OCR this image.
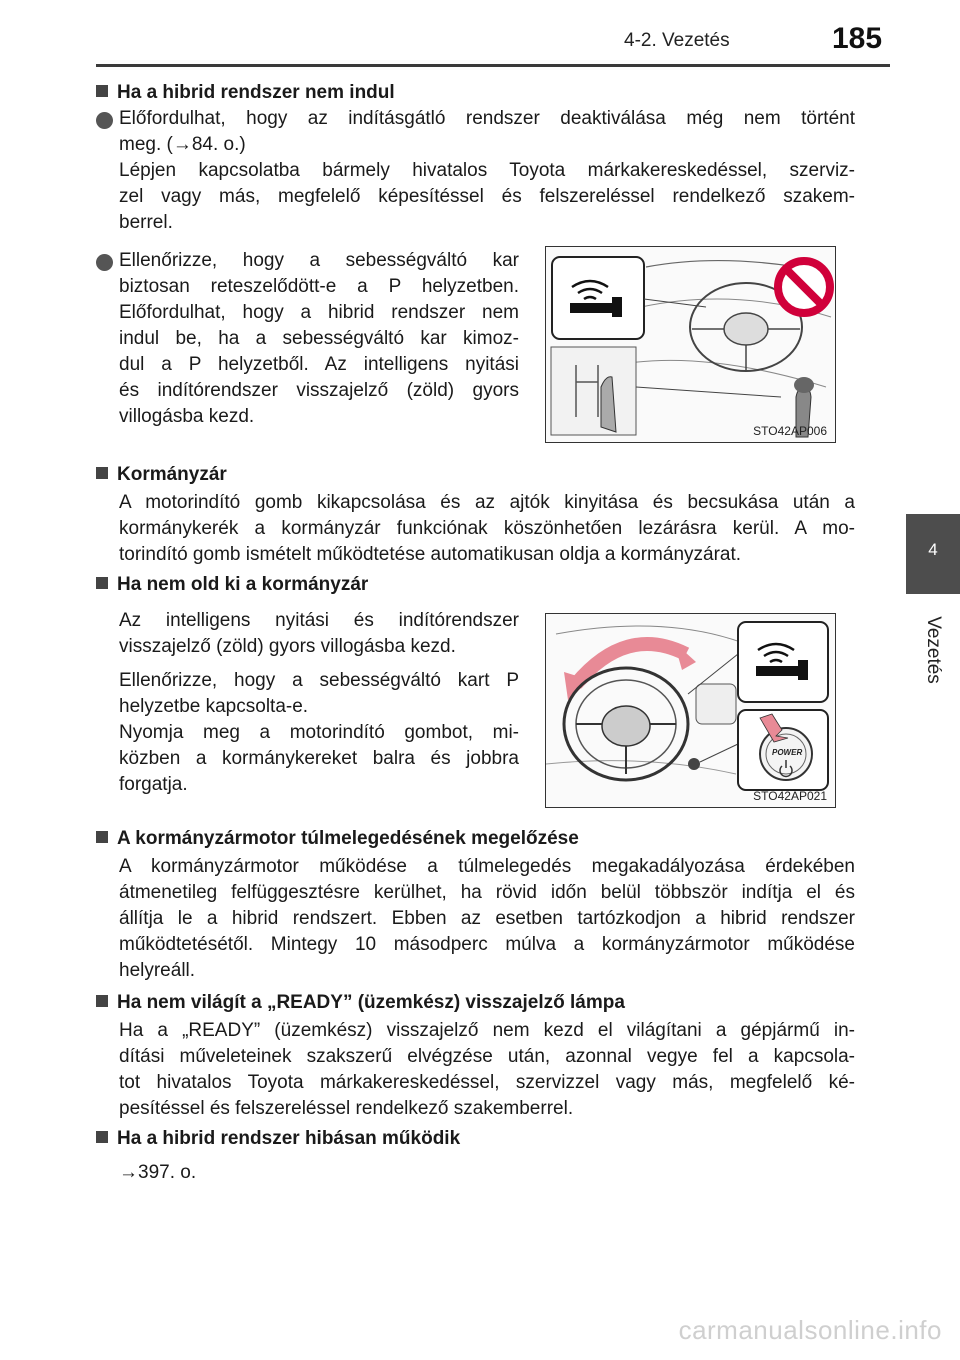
4-2. Vezetés	185
4
Vezetés
Ha a hibrid rendszer nem indul
Előfordulhat, hogy az indításgátló rendszer deaktiválása még nem történt
meg. (→84. o.)
Lépjen kapcsolatba bármely hivatalos Toyota márkakereskedéssel, szerviz-
zel vagy más, megfelelő képesítéssel és felszereléssel rendelkező szakem-
berrel.
Ellenőrizze, hogy a sebességváltó kar
biztosan reteszelődött-e a P helyzetben.
Előfordulhat, hogy a hibrid rendszer nem
indul be, ha a sebességváltó kar kimoz-
dul a P helyzetből. Az intelligens nyitási
és indítórendszer visszajelző (zöld) gyors
villogásba kezd.
STO42AP006
Kormányzár
A motorindító gomb kikapcsolása és az ajtók kinyitása és becsukása után a
kormánykerék a kormányzár funkciónak köszönhetően lezárásra kerül. A mo-
torindító gomb ismételt működtetése automatikusan oldja a kormányzárat.
Ha nem old ki a kormányzár
Az intelligens nyitási és indítórendszer
visszajelző (zöld) gyors villogásba kezd.
Ellenőrizze, hogy a sebességváltó kart P
helyzetbe kapcsolta-e.
Nyomja meg a motorindító gombot, mi-
közben a kormánykereket balra és jobbra
forgatja.
POWER
STO42AP021
A kormányzármotor túlmelegedésének megelőzése
A kormányzármotor működése a túlmelegedés megakadályozása érdekében
átmenetileg felfüggesztésre kerülhet, ha rövid időn belül többször indítja el és
állítja le a hibrid rendszert. Ebben az esetben tartózkodjon a hibrid rendszer
működtetésétől. Mintegy 10 másodperc múlva a kormányzármotor működése
helyreáll.
Ha nem világít a „READY” (üzemkész) visszajelző lámpa
Ha a „READY” (üzemkész) visszajelző nem kezd el világítani a gépjármű in-
dítási műveleteinek szakszerű elvégzése után, azonnal vegye fel a kapcsola-
tot hivatalos Toyota márkakereskedéssel, szervizzel vagy más, megfelelő ké-
pesítéssel és felszereléssel rendelkező szakemberrel.
Ha a hibrid rendszer hibásan működik
→397. o.
carmanualsonline.info
